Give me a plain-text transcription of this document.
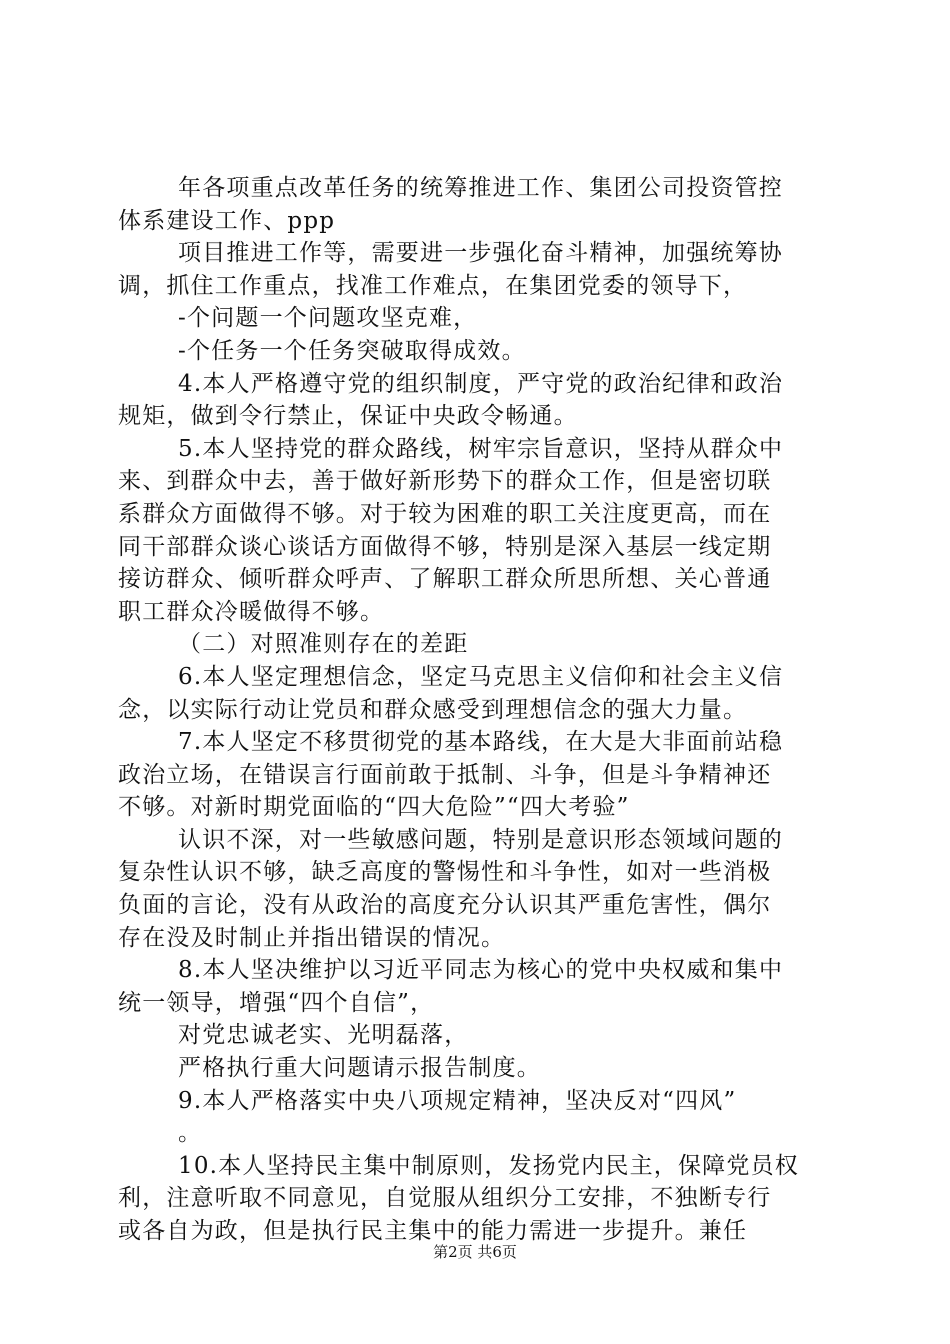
年各项重点改革任务的统筹推进工作、集团公司投资管控
体系建设工作、ppp
项目推进工作等，需要进一步强化奋斗精神，加强统筹协
调，抓住工作重点，找准工作难点，在集团党委的领导下，
-个问题一个问题攻坚克难，
-个任务一个任务突破取得成效。
4.本人严格遵守党的组织制度，严守党的政治纪律和政治
规矩，做到令行禁止，保证中央政令畅通。
5.本人坚持党的群众路线，树牢宗旨意识，坚持从群众中
来、到群众中去，善于做好新形势下的群众工作，但是密切联
系群众方面做得不够。对于较为困难的职工关注度更高，而在
同干部群众谈心谈话方面做得不够，特别是深入基层一线定期
接访群众、倾听群众呼声、了解职工群众所思所想、关心普通
职工群众冷暖做得不够。
（二）对照准则存在的差距
6.本人坚定理想信念，坚定马克思主义信仰和社会主义信
念，以实际行动让党员和群众感受到理想信念的强大力量。
7.本人坚定不移贯彻党的基本路线，在大是大非面前站稳
政治立场，在错误言行面前敢于抵制、斗争，但是斗争精神还
不够。对新时期党面临的“四大危险”“四大考验”
认识不深，对一些敏感问题，特别是意识形态领域问题的
复杂性认识不够，缺乏高度的警惕性和斗争性，如对一些消极
负面的言论，没有从政治的高度充分认识其严重危害性，偶尔
存在没及时制止并指出错误的情况。
8.本人坚决维护以习近平同志为核心的党中央权威和集中
统一领导，增强“四个自信”，
对党忠诚老实、光明磊落，
严格执行重大问题请示报告制度。
9.本人严格落实中央八项规定精神，坚决反对“四风”
。
10.本人坚持民主集中制原则，发扬党内民主，保障党员权
利，注意听取不同意见，自觉服从组织分工安排，不独断专行
或各自为政，但是执行民主集中的能力需进一步提升。兼任
第2页 共6页
